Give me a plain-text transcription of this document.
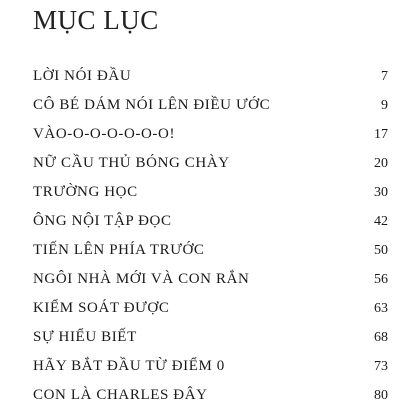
MỤC LỤC
LỜI NÓI ĐẦU	7
CÔ BÉ DÁM NÓI LÊN ĐIỀU ƯỚC	9
VÀO-O-O-O-O-O-O!	17
NỮ CẦU THỦ BÓNG CHÀY	20
TRƯỜNG HỌC	30
ÔNG NỘI TẬP ĐỌC	42
TIẾN LÊN PHÍA TRƯỚC	50
NGÔI NHÀ MỚI VÀ CON RẮN	56
KIỂM SOÁT ĐƯỢC	63
SỰ HIỂU BIẾT	68
HÃY BẮT ĐẦU TỪ ĐIỂM 0	73
CON LÀ CHARLES ĐÂY	80
